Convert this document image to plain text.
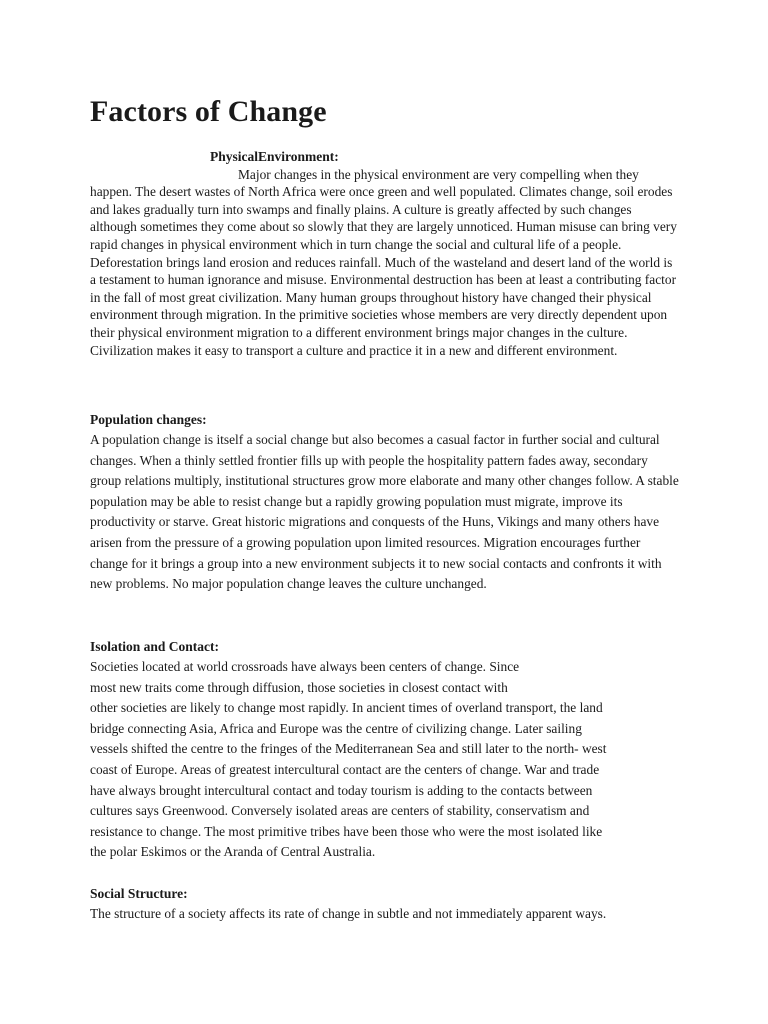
Factors of Change
PhysicalEnvironment:
Major changes in the physical environment are very compelling when they happen. The desert wastes of North Africa were once green and well populated. Climates change, soil erodes and lakes gradually turn into swamps and finally plains. A culture is greatly affected by such changes although sometimes they come about so slowly that they are largely unnoticed. Human misuse can bring very rapid changes in physical environment which in turn change the social and cultural life of a people. Deforestation brings land erosion and reduces rainfall. Much of the wasteland and desert land of the world is a testament to human ignorance and misuse. Environmental destruction has been at least a contributing factor in the fall of most great civilization. Many human groups throughout history have changed their physical environment through migration. In the primitive societies whose members are very directly dependent upon their physical environment migration to a different environment brings major changes in the culture. Civilization makes it easy to transport a culture and practice it in a new and different environment.

Population changes:

A population change is itself a social change but also becomes a casual factor in further social and cultural changes. When a thinly settled frontier fills up with people the hospitality pattern fades away, secondary group relations multiply, institutional structures grow more elaborate and many other changes follow. A stable population may be able to resist change but a rapidly growing population must migrate, improve its productivity or starve. Great historic migrations and conquests of the Huns, Vikings and many others have arisen from the pressure of a growing population upon limited resources. Migration encourages further change for it brings a group into a new environment subjects it to new social contacts and confronts it with new problems. No major population change leaves the culture unchanged.

Isolation and Contact:

Societies located at world crossroads have always been centers of change. Since
most new traits come through diffusion, those societies in closest contact with
other societies are likely to change most rapidly. In ancient times of overland transport, the land
bridge connecting Asia, Africa and Europe was the centre of civilizing change. Later sailing
vessels shifted the centre to the fringes of the Mediterranean Sea and still later to the north- west
coast of Europe. Areas of greatest intercultural contact are the centers of change. War and trade
have always brought intercultural contact and today tourism is adding to the contacts between
cultures says Greenwood. Conversely isolated areas are centers of stability, conservatism and
resistance to change. The most primitive tribes have been those who were the most isolated like
the polar Eskimos or the Aranda of Central Australia.

Social Structure:

The structure of a society affects its rate of change in subtle and not immediately apparent ways.
